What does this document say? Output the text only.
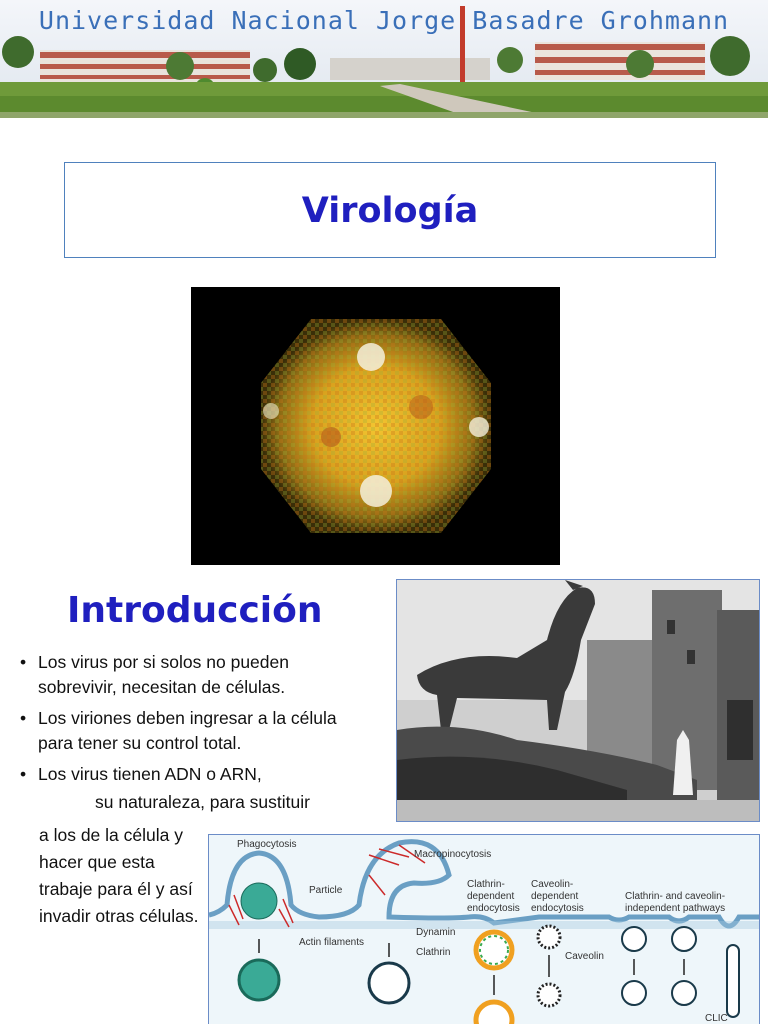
Universidad Nacional Jorge Basadre Grohmann
Virología
Introducción
• Los virus por si solos no pueden sobrevivir, necesitan de células.
• Los viriones deben ingresar a la célula para tener su control total.
• Los virus tienen ADN o ARN,
su naturaleza, para sustituir
a los de la célula y hacer que esta trabaje para él y así invadir otras células.
Phagocytosis
Macropinocytosis
Particle
Actin filaments
Clathrin-
dependent
endocytosis
Caveolin-
dependent
endocytosis
Clathrin- and caveolin-
independent pathways
Dynamin
Clathrin	Caveolin
CLIC
